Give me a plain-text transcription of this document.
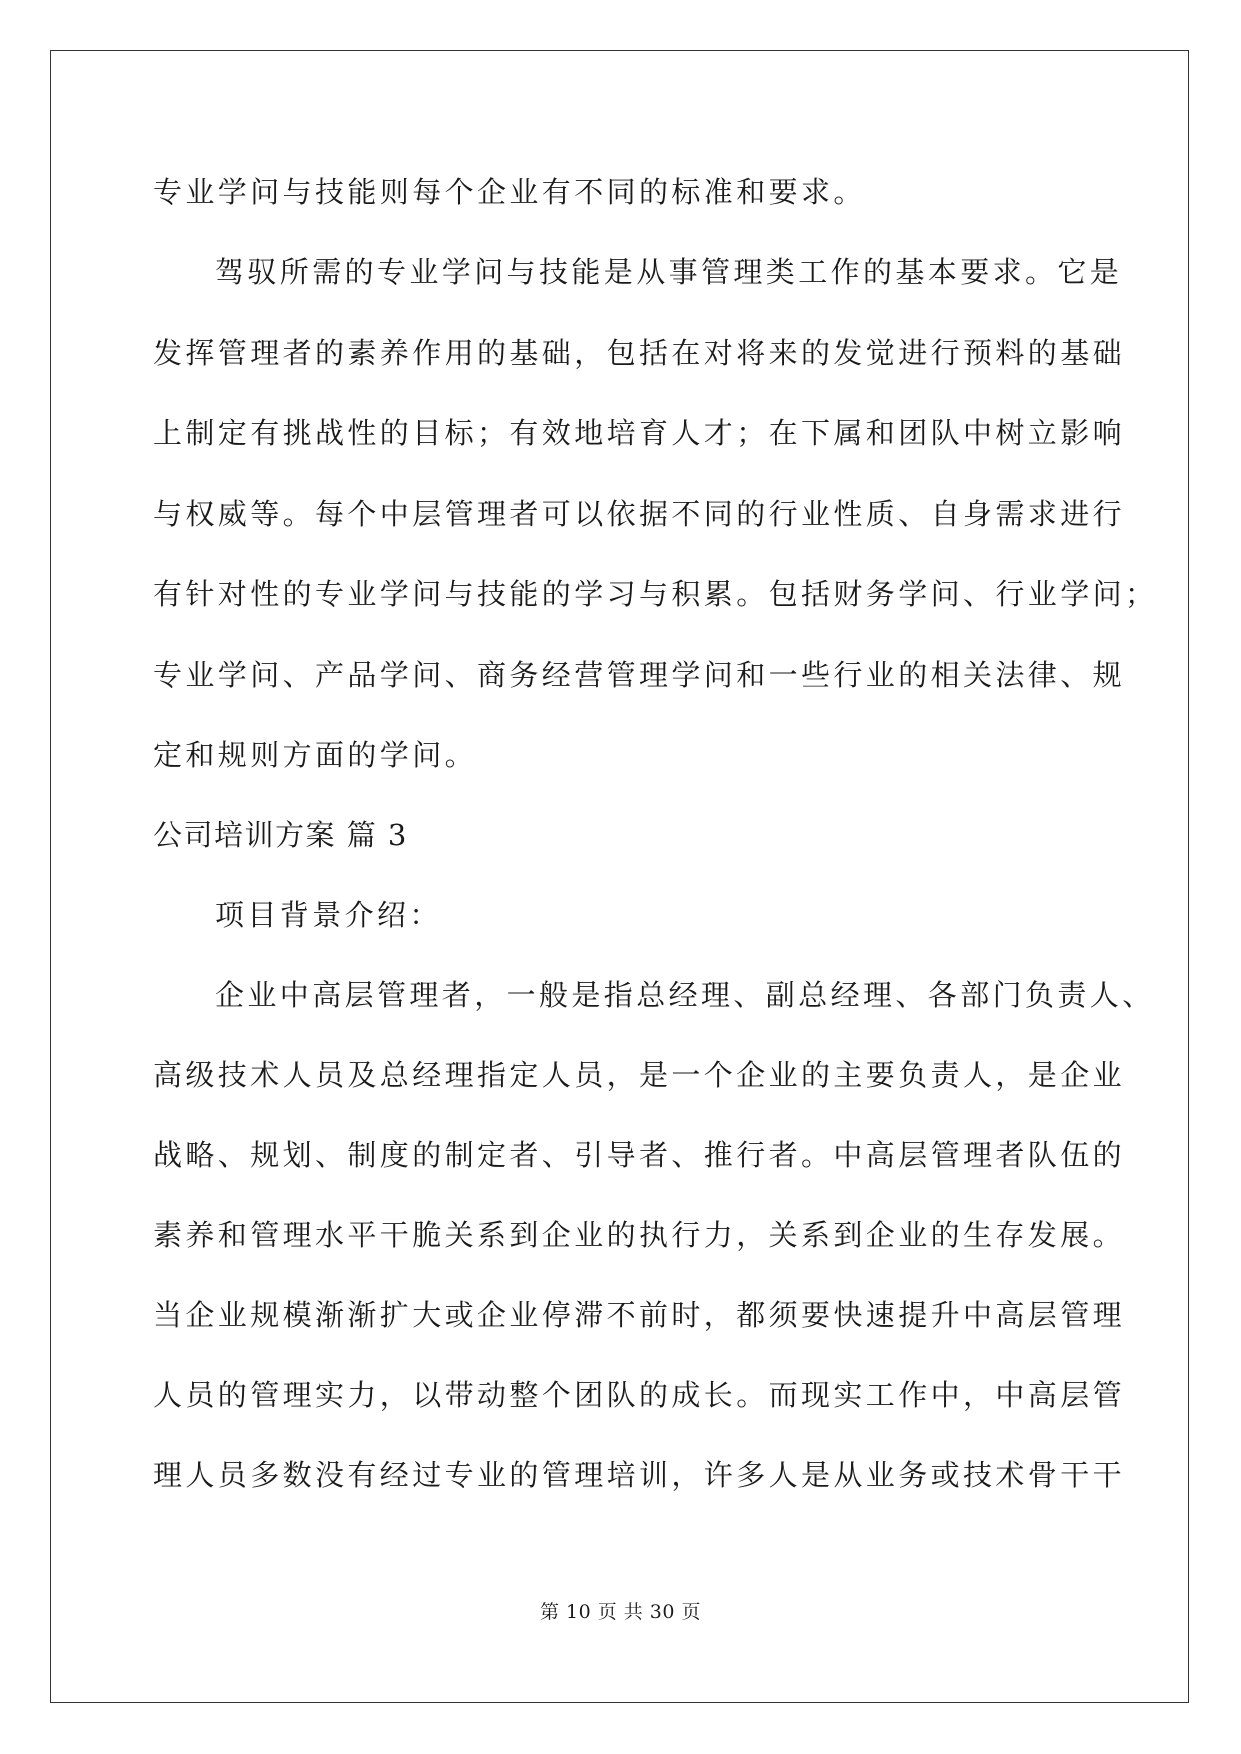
专业学问与技能则每个企业有不同的标准和要求。
驾驭所需的专业学问与技能是从事管理类工作的基本要求。它是
发挥管理者的素养作用的基础，包括在对将来的发觉进行预料的基础
上制定有挑战性的目标；有效地培育人才；在下属和团队中树立影响
与权威等。每个中层管理者可以依据不同的行业性质、自身需求进行
有针对性的专业学问与技能的学习与积累。包括财务学问、行业学问；
专业学问、产品学问、商务经营管理学问和一些行业的相关法律、规
定和规则方面的学问。
公司培训方案 篇 3
项目背景介绍：
企业中高层管理者，一般是指总经理、副总经理、各部门负责人、
高级技术人员及总经理指定人员，是一个企业的主要负责人，是企业
战略、规划、制度的制定者、引导者、推行者。中高层管理者队伍的
素养和管理水平干脆关系到企业的执行力，关系到企业的生存发展。
当企业规模渐渐扩大或企业停滞不前时，都须要快速提升中高层管理
人员的管理实力，以带动整个团队的成长。而现实工作中，中高层管
理人员多数没有经过专业的管理培训，许多人是从业务或技术骨干干
第 10 页 共 30 页
